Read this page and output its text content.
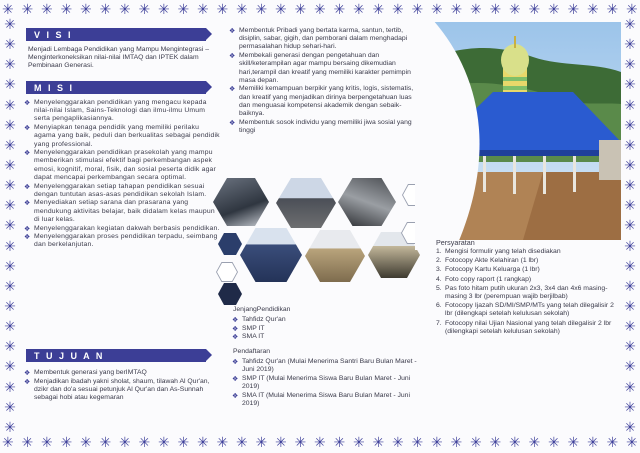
✳ ✳ ✳ ✳ ✳ ✳ ✳ ✳ ✳ ✳ ✳ ✳ ✳ ✳ ✳ ✳ ✳ ✳ ✳ ✳ ✳ ✳ ✳ ✳ ✳ ✳ ✳ ✳ ✳ ✳ ✳ ✳ ✳
✳ ✳ ✳ ✳ ✳ ✳ ✳ ✳ ✳ ✳ ✳ ✳ ✳ ✳ ✳ ✳ ✳ ✳ ✳ ✳ ✳ ✳ ✳ ✳ ✳ ✳ ✳ ✳ ✳ ✳ ✳ ✳ ✳
✳
✳
✳
✳
✳
✳
✳
✳
✳
✳
✳
✳
✳
✳
✳
✳
✳
✳
✳
✳
✳
✳
✳
✳
✳
✳
✳
✳
✳
✳
✳
✳
✳
✳
✳
✳
✳
✳
✳
✳
✳
✳
V I S I
Menjadi Lembaga Pendidikan yang Mampu Mengintegrasi – Menginterkoneksikan nilai-nilai IMTAQ dan IPTEK dalam Pembinaan Generasi.
M I S I
❖ Menyelenggarakan pendidikan yang mengacu kepada nilai-nilai Islam, Sains-Teknologi dan ilmu-ilmu Umum serta pengaplikasiannya.
❖ Menyiapkan tenaga pendidik yang memiliki perilaku agama yang baik, peduli dan berkualitas sebagai pendidik yang professional.
❖ Menyelenggarakan pendidikan prasekolah yang mampu memberikan stimulasi efektif bagi perkembangan aspek emosi, kognitif, moral, fisik, dan sosial peserta didik agar dapat mencapai perkembangan secara optimal.
❖ Menyelenggarakan setiap tahapan pendidikan sesuai dengan tuntutan asas-asas pendidikan sekolah Islam.
❖ Menyediakan setiap sarana dan prasarana yang mendukung aktivitas belajar, baik didalam kelas maupun di luar kelas.
❖ Menyelenggarakan kegiatan dakwah berbasis pendidikan.
❖ Menyelenggarakan proses pendidikan terpadu, seimbang dan berkelanjutan.
T U J U A N
❖ Membentuk generasi yang berIMTAQ
❖ Menjadikan ibadah yakni sholat, shaum, tilawah Al Qur'an, dzikr dan do'a sesuai petunjuk Al Qur'an dan As-Sunnah sebagai hobi atau kegemaran
❖ Membentuk Pribadi yang bertata karma, santun, tertib, disiplin, sabar, gigih, dan pemborani dalam menghadapi permasalahan hidup sehari-hari.
❖ Membekali generasi dengan pengetahuan dan skill/keterampilan agar mampu bersaing dikemudian hari,terampil dan kreatif yang memiliki karakter pemimpin masa depan.
❖ Memiliki kemampuan berpikir yang kritis, logis, sistematis, dan kreatif yang menjadikan dirinya berpengetahuan luas dan menguasai kompetensi akademik dengan sebaik-baiknya.
❖ Membentuk sosok individu yang memiliki jiwa sosial yang tinggi
JenjangPendidikan
❖ Tahfidz Qur'an
❖ SMP IT
❖ SMA IT
Pendaftaran
❖ Tahfidz Qur'an (Mulai Menerima Santri Baru Bulan Maret - Juni 2019)
❖ SMP IT (Mulai Menerima Siswa Baru Bulan Maret - Juni 2019)
❖ SMA IT (Mulai Menerima Siswa Baru Bulan Maret - Juni 2019)
Persyaratan
1. Mengisi formulir yang telah disediakan
2. Fotocopy Akte Kelahiran (1 lbr)
3. Fotocopy Kartu Keluarga (1 lbr)
4. Foto copy raport (1 rangkap)
5. Pas foto hitam putih ukuran 2x3, 3x4 dan 4x6 masing-masing 3 lbr (perempuan wajib berjilbab)
6. Fotocopy Ijazah SD/MI/SMP/MTs yang telah dilegalisir 2 lbr (dilengkapi setelah kelulusan sekolah)
7. Fotocopy nilai Ujian Nasional yang telah dilegalisir 2 lbr (dilengkapi setelah kelulusan sekolah)
